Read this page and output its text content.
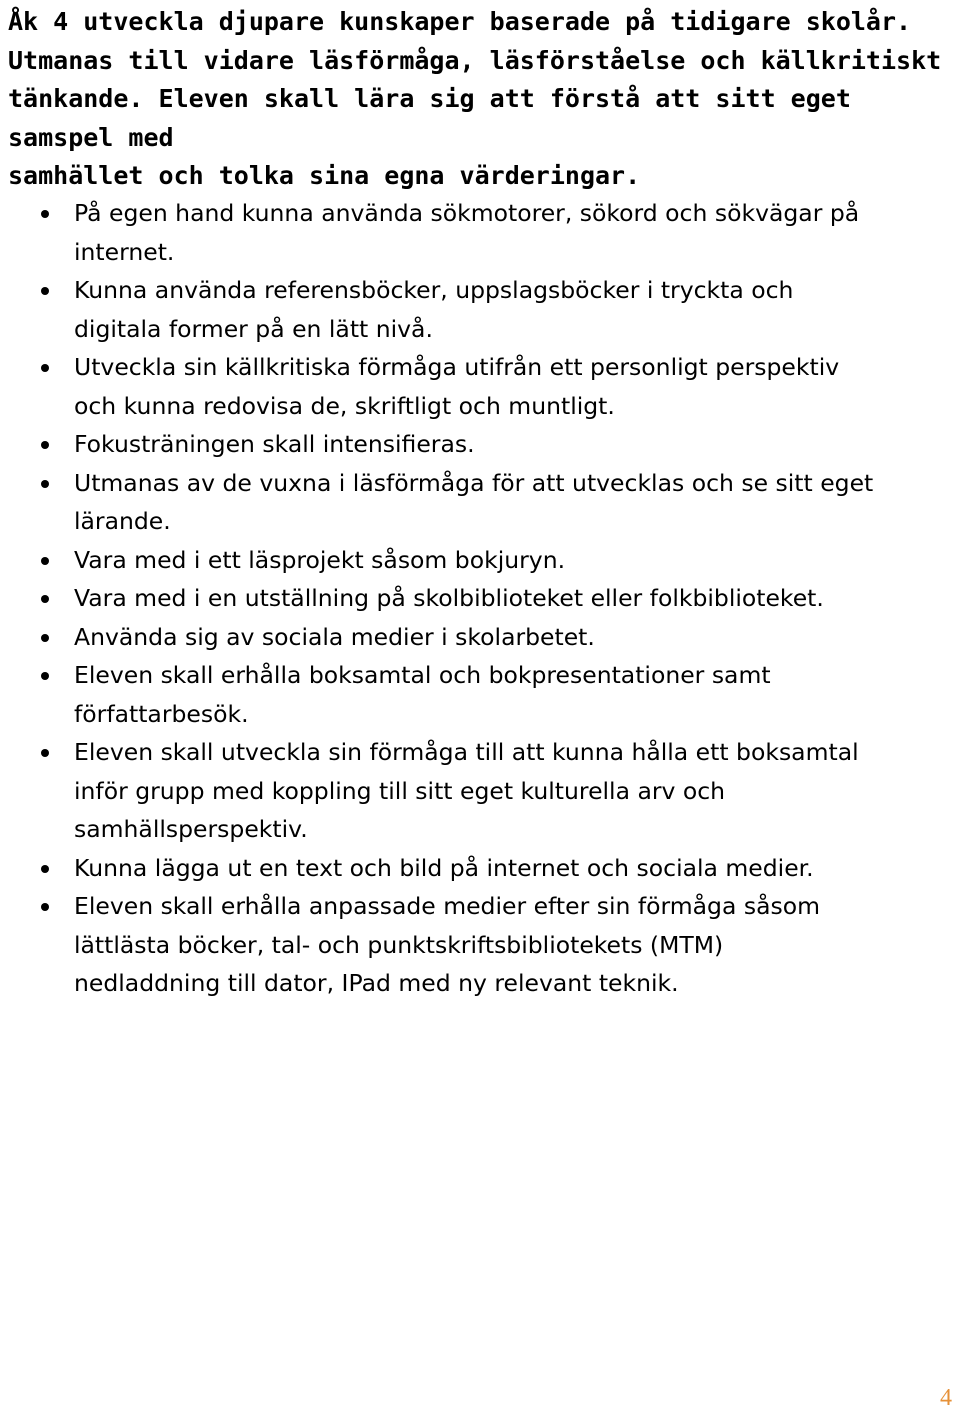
Åk 4 utveckla djupare kunskaper baserade på tidigare skolår.
Utmanas till vidare läsförmåga, läsförståelse och källkritiskt
tänkande. Eleven skall lära sig att förstå att sitt eget samspel med
samhället och tolka sina egna värderingar.

På egen hand kunna använda sökmotorer, sökord och sökvägar på
internet.
Kunna använda referensböcker, uppslagsböcker i tryckta och
digitala former på en lätt nivå.
Utveckla sin källkritiska förmåga utifrån ett personligt perspektiv
och kunna redovisa de, skriftligt och muntligt.
Fokusträningen skall intensifieras.
Utmanas av de vuxna i läsförmåga för att utvecklas och se sitt eget
lärande.
Vara med i ett läsprojekt såsom bokjuryn.
Vara med i en utställning på skolbiblioteket eller folkbiblioteket.
Använda sig av sociala medier i skolarbetet.
Eleven skall erhålla boksamtal och bokpresentationer samt
författarbesök.
Eleven skall utveckla sin förmåga till att kunna hålla ett boksamtal
inför grupp med koppling till sitt eget kulturella arv och
samhällsperspektiv.
Kunna lägga ut en text och bild på internet och sociala medier.
Eleven skall erhålla anpassade medier efter sin förmåga såsom
lättlästa böcker, tal- och punktskriftsbibliotekets (MTM)
nedladdning till dator, IPad med ny relevant teknik.
4
